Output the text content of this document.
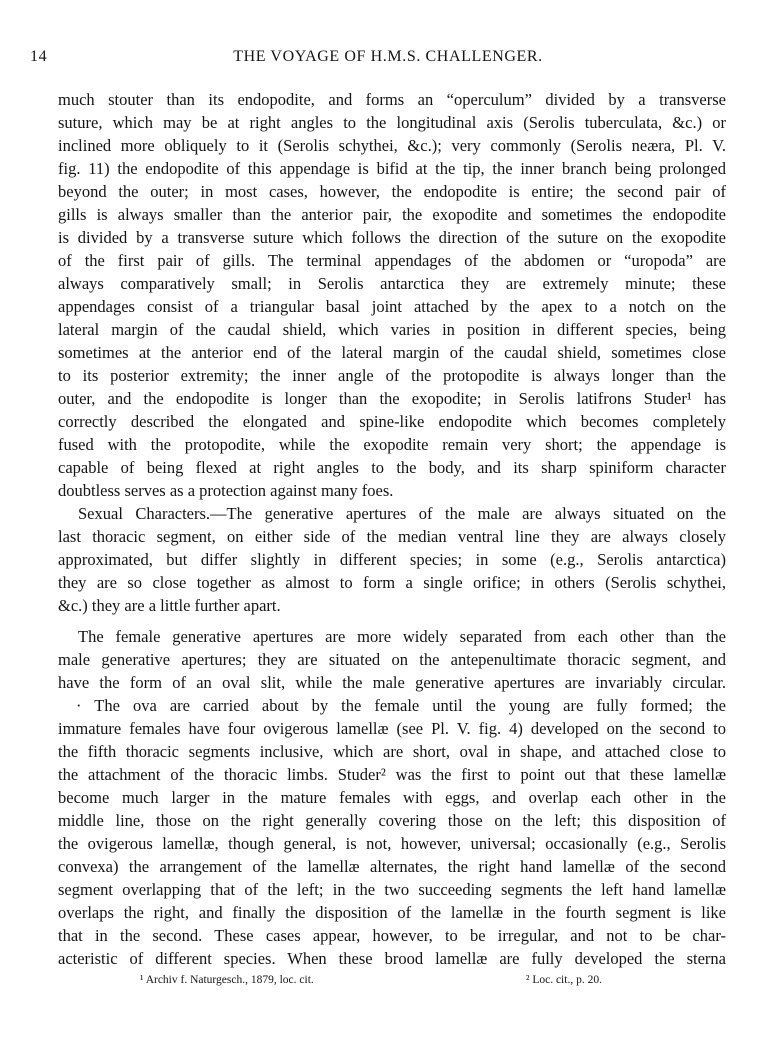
14	THE VOYAGE OF H.M.S. CHALLENGER.
much stouter than its endopodite, and forms an “operculum” divided by a transverse
suture, which may be at right angles to the longitudinal axis (Serolis tuberculata, &c.) or
inclined more obliquely to it (Serolis schythei, &c.); very commonly (Serolis neæra, Pl. V.
fig. 11) the endopodite of this appendage is bifid at the tip, the inner branch being prolonged
beyond the outer; in most cases, however, the endopodite is entire; the second pair of
gills is always smaller than the anterior pair, the exopodite and sometimes the endopodite
is divided by a transverse suture which follows the direction of the suture on the exopodite
of the first pair of gills. The terminal appendages of the abdomen or “uropoda” are
always comparatively small; in Serolis antarctica they are extremely minute; these
appendages consist of a triangular basal joint attached by the apex to a notch on the
lateral margin of the caudal shield, which varies in position in different species, being
sometimes at the anterior end of the lateral margin of the caudal shield, sometimes close
to its posterior extremity; the inner angle of the protopodite is always longer than the
outer, and the endopodite is longer than the exopodite; in Serolis latifrons Studer¹ has
correctly described the elongated and spine-like endopodite which becomes completely
fused with the protopodite, while the exopodite remain very short; the appendage is
capable of being flexed at right angles to the body, and its sharp spiniform character
doubtless serves as a protection against many foes.
Sexual Characters.—The generative apertures of the male are always situated on the
last thoracic segment, on either side of the median ventral line they are always closely
approximated, but differ slightly in different species; in some (e.g., Serolis antarctica)
they are so close together as almost to form a single orifice; in others (Serolis schythei,
&c.) they are a little further apart.
The female generative apertures are more widely separated from each other than the
male generative apertures; they are situated on the antepenultimate thoracic segment, and
have the form of an oval slit, while the male generative apertures are invariably circular.
· The ova are carried about by the female until the young are fully formed; the
immature females have four ovigerous lamellæ (see Pl. V. fig. 4) developed on the second to
the fifth thoracic segments inclusive, which are short, oval in shape, and attached close to
the attachment of the thoracic limbs. Studer² was the first to point out that these lamellæ
become much larger in the mature females with eggs, and overlap each other in the
middle line, those on the right generally covering those on the left; this disposition of
the ovigerous lamellæ, though general, is not, however, universal; occasionally (e.g., Serolis
convexa) the arrangement of the lamellæ alternates, the right hand lamellæ of the second
segment overlapping that of the left; in the two succeeding segments the left hand lamellæ
overlaps the right, and finally the disposition of the lamellæ in the fourth segment is like
that in the second. These cases appear, however, to be irregular, and not to be char-
acteristic of different species. When these brood lamellæ are fully developed the sterna
¹ Archiv f. Naturgesch., 1879, loc. cit.	² Loc. cit., p. 20.
